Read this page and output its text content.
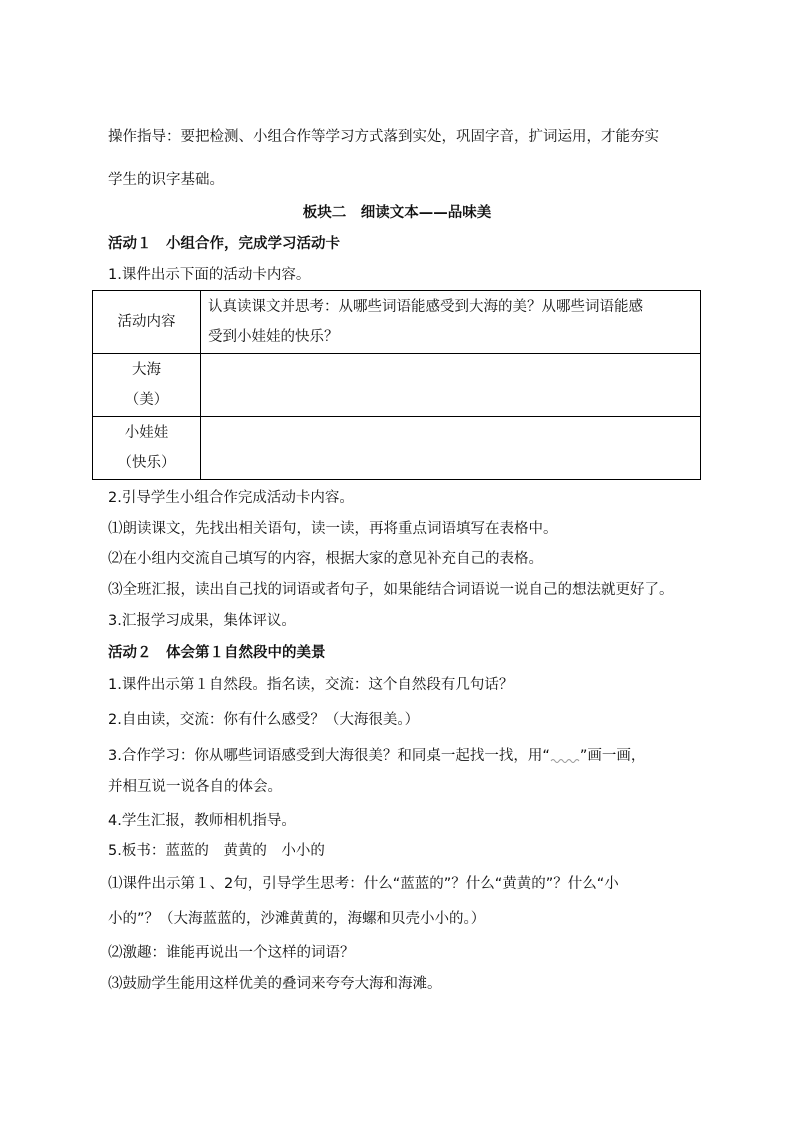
操作指导：要把检测、小组合作等学习方式落到实处，巩固字音，扩词运用，才能夯实
学生的识字基础。
板块二　细读文本——品味美
活动１　小组合作，完成学习活动卡
1.课件出示下面的活动卡内容。
活动内容	认真读课文并思考：从哪些词语能感受到大海的美？从哪些词语能感
受到小娃娃的快乐？

大海
（美）	

小娃娃
（快乐）	

2.引导学生小组合作完成活动卡内容。
⑴朗读课文，先找出相关语句，读一读，再将重点词语填写在表格中。
⑵在小组内交流自己填写的内容，根据大家的意见补充自己的表格。
⑶全班汇报，读出自己找的词语或者句子，如果能结合词语说一说自己的想法就更好了。
3.汇报学习成果，集体评议。
活动２　体会第１自然段中的美景
1.课件出示第１自然段。指名读，交流：这个自然段有几句话？
2.自由读，交流：你有什么感受？（大海很美。）
3.合作学习：你从哪些词语感受到大海很美？和同桌一起找一找，用“ ”画一画，
并相互说一说各自的体会。
4.学生汇报，教师相机指导。
5.板书：蓝蓝的　黄黄的　小小的
⑴课件出示第１、2句，引导学生思考：什么“蓝蓝的”？什么“黄黄的”？什么“小
小的”？（大海蓝蓝的，沙滩黄黄的，海螺和贝壳小小的。）
⑵激趣：谁能再说出一个这样的词语？
⑶鼓励学生能用这样优美的叠词来夸夸大海和海滩。
